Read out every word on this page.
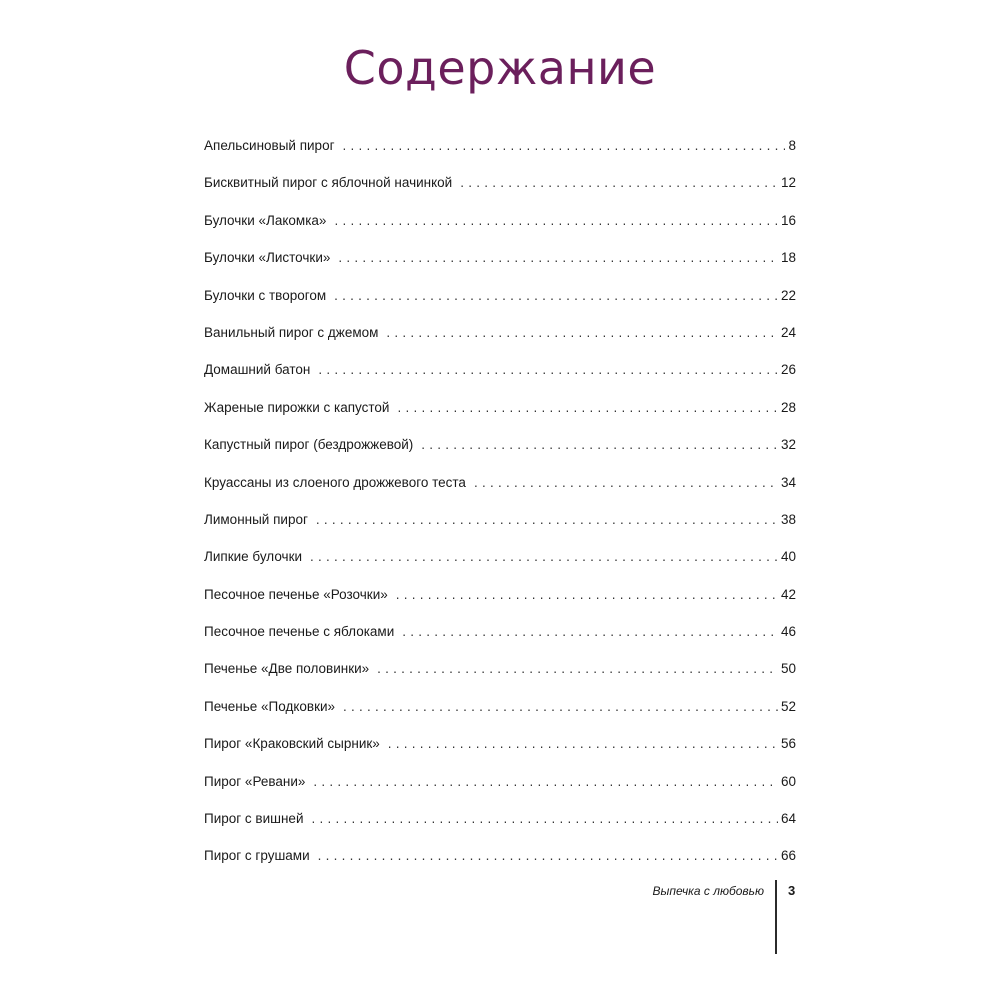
Содержание
Апельсиновый пирог . . .	8
Бисквитный пирог с яблочной начинкой . . .	12
Булочки «Лакомка» . . .	16
Булочки «Листочки» . . .	18
Булочки с творогом . . .	22
Ванильный пирог с джемом . . .	24
Домашний батон . . .	26
Жареные пирожки с капустой . . .	28
Капустный пирог (бездрожжевой) . . .	32
Круассаны из слоеного дрожжевого теста . . .	34
Лимонный пирог . . .	38
Липкие булочки . . .	40
Песочное печенье «Розочки» . . .	42
Песочное печенье с яблоками . . .	46
Печенье «Две половинки» . . .	50
Печенье «Подковки» . . .	52
Пирог «Краковский сырник» . . .	56
Пирог «Ревани» . . .	60
Пирог с вишней . . .	64
Пирог с грушами . . .	66

Выпечка с любовью 3
